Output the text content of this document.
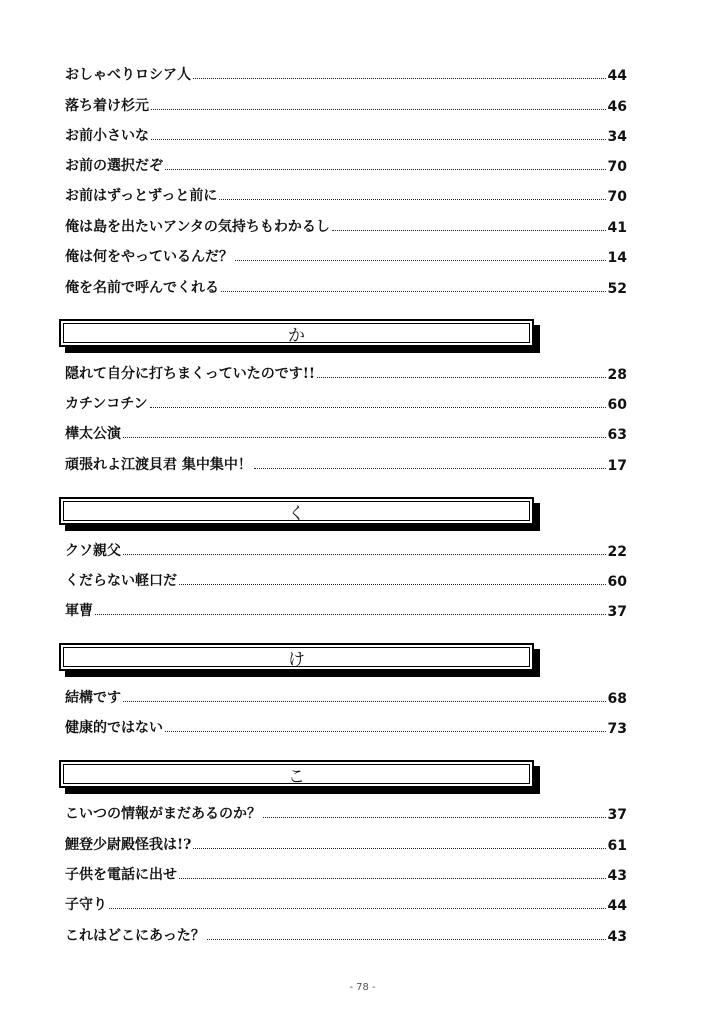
おしゃべりロシア人	44
落ち着け杉元	46
お前小さいな	34
お前の選択だぞ	70
お前はずっとずっと前に	70
俺は島を出たいアンタの気持ちもわかるし	41
俺は何をやっているんだ？	14
俺を名前で呼んでくれる	52
か
隠れて自分に打ちまくっていたのです!!	28
カチンコチン	60
樺太公演	63
頑張れよ江渡貝君 集中集中！	17
く
クソ親父	22
くだらない軽口だ	60
軍曹	37
け
結構です	68
健康的ではない	73
こ
こいつの情報がまだあるのか？	37
鯉登少尉殿怪我は!?	61
子供を電話に出せ	43
子守り	44
これはどこにあった？	43
- 78 -
